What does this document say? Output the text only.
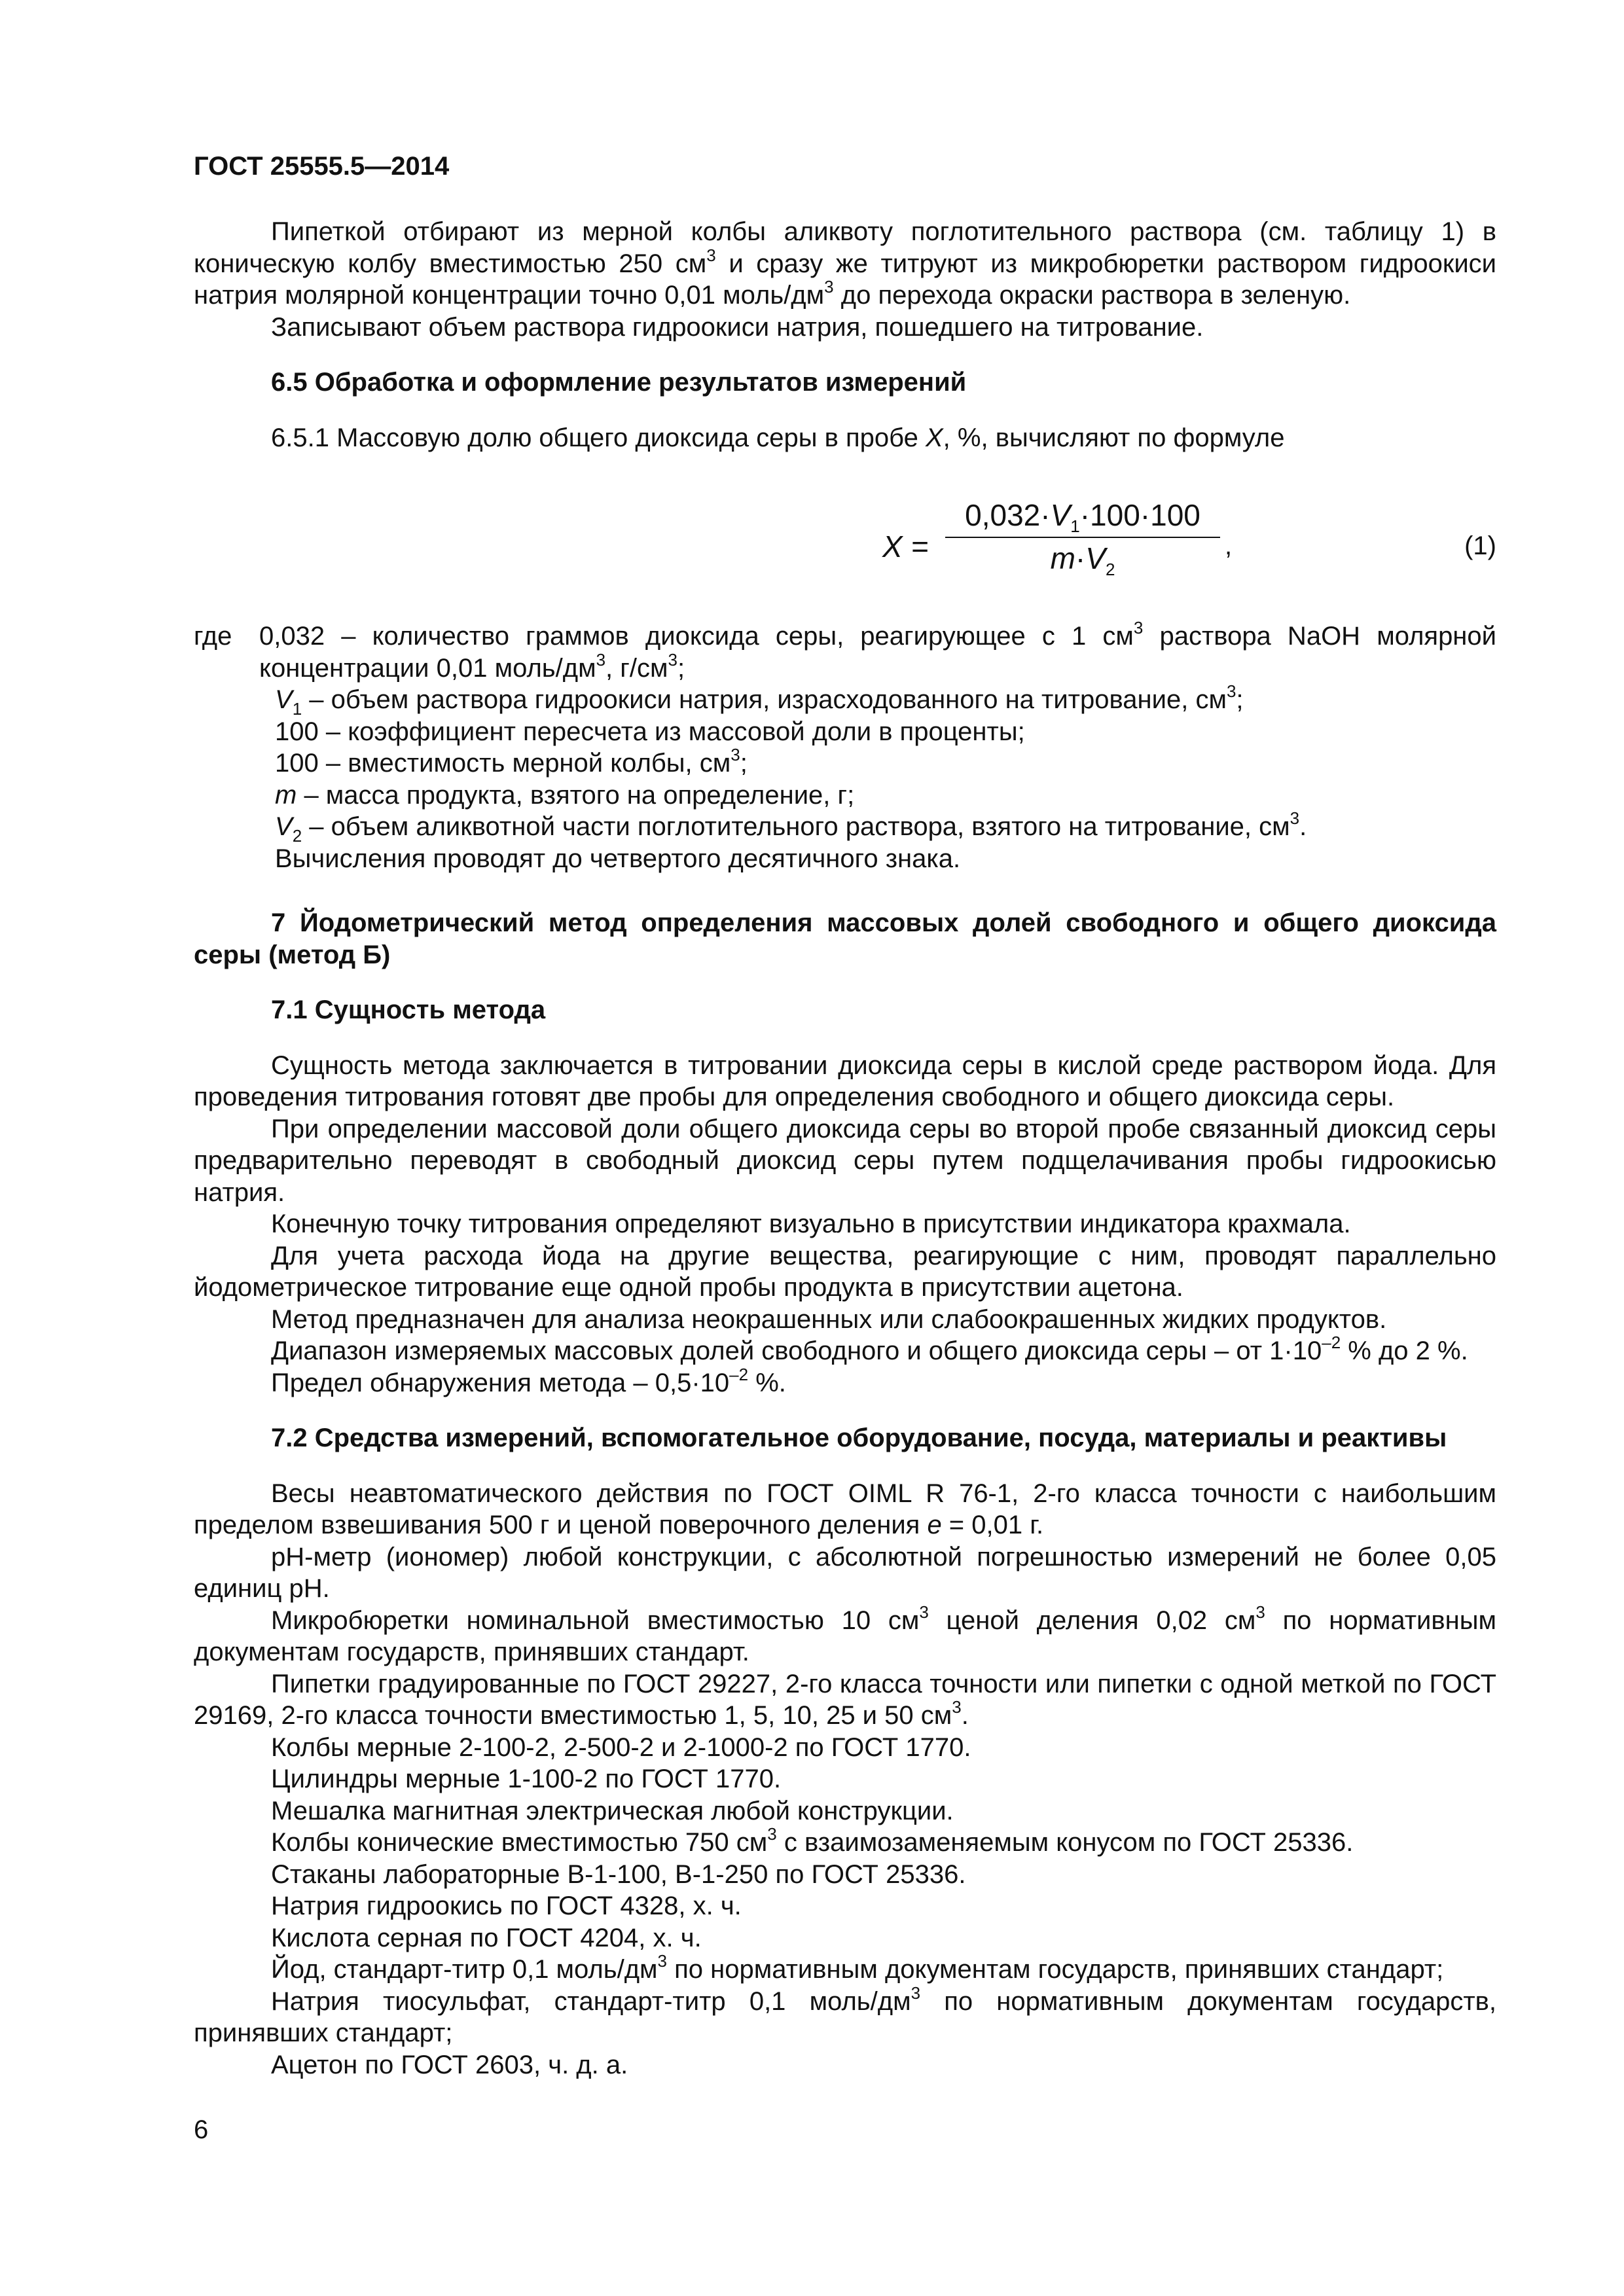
ГОСТ 25555.5—2014

Пипеткой отбирают из мерной колбы аликвоту поглотительного раствора (см. таблицу 1) в коническую колбу вместимостью 250 $см^3$ и сразу же титруют из микробюретки раствором гидроокиси натрия молярной концентрации точно 0,01 моль/$дм^3$ до перехода окраски раствора в зеленую.

Записывают объем раствора гидроокиси натрия, пошедшего на титрование.

6.5 Обработка и оформление результатов измерений

6.5.1 Массовую долю общего диоксида серы в пробе X, %, вычисляют по формуле

$X = \frac{0,032\cdot V_1\cdot 100\cdot 100}{m\cdot V_2}$ ,	(1)
где 0,032 – количество граммов диоксида серы, реагирующее с 1 $см^3$ раствора NaOH молярной концентрации 0,01 моль/$дм^3$, $г/см^3$;
$V_1$ – объем раствора гидроокиси натрия, израсходованного на титрование, $см^3$;
100 – коэффициент пересчета из массовой доли в проценты;
100 – вместимость мерной колбы, $см^3$;
m – масса продукта, взятого на определение, г;
$V_2$ – объем аликвотной части поглотительного раствора, взятого на титрование, $см^3$.
Вычисления проводят до четвертого десятичного знака.

7 Йодометрический метод определения массовых долей свободного и общего диоксида серы (метод Б)

7.1 Сущность метода

Сущность метода заключается в титровании диоксида серы в кислой среде раствором йода. Для проведения титрования готовят две пробы для определения свободного и общего диоксида серы.

При определении массовой доли общего диоксида серы во второй пробе связанный диоксид серы предварительно переводят в свободный диоксид серы путем подщелачивания пробы гидроокисью натрия.

Конечную точку титрования определяют визуально в присутствии индикатора крахмала.

Для учета расхода йода на другие вещества, реагирующие с ним, проводят параллельно йодометрическое титрование еще одной пробы продукта в присутствии ацетона.

Метод предназначен для анализа неокрашенных или слабоокрашенных жидких продуктов.

Диапазон измеряемых массовых долей свободного и общего диоксида серы – от $1\cdot 10^{-2}$ % до 2 %.

Предел обнаружения метода – $0,5\cdot 10^{-2}$ %.

7.2 Средства измерений, вспомогательное оборудование, посуда, материалы и реактивы

Весы неавтоматического действия по ГОСТ OIML R 76-1, 2-го класса точности с наибольшим пределом взвешивания 500 г и ценой поверочного деления e = 0,01 г.

рН-метр (иономер) любой конструкции, с абсолютной погрешностью измерений не более 0,05 единиц рН.

Микробюретки номинальной вместимостью 10 $см^3$ ценой деления 0,02 $см^3$ по нормативным документам государств, принявших стандарт.

Пипетки градуированные по ГОСТ 29227, 2-го класса точности или пипетки с одной меткой по ГОСТ 29169, 2-го класса точности вместимостью 1, 5, 10, 25 и 50 $см^3$.

Колбы мерные 2-100-2, 2-500-2 и 2-1000-2 по ГОСТ 1770.

Цилиндры мерные 1-100-2 по ГОСТ 1770.

Мешалка магнитная электрическая любой конструкции.

Колбы конические вместимостью 750 $см^3$ с взаимозаменяемым конусом по ГОСТ 25336.

Стаканы лабораторные В-1-100, В-1-250 по ГОСТ 25336.

Натрия гидроокись по ГОСТ 4328, х. ч.

Кислота серная по ГОСТ 4204, х. ч.

Йод, стандарт-титр 0,1 моль/$дм^3$ по нормативным документам государств, принявших стандарт;

Натрия тиосульфат, стандарт-титр 0,1 моль/$дм^3$ по нормативным документам государств, принявших стандарт;

Ацетон по ГОСТ 2603, ч. д. а.

6
